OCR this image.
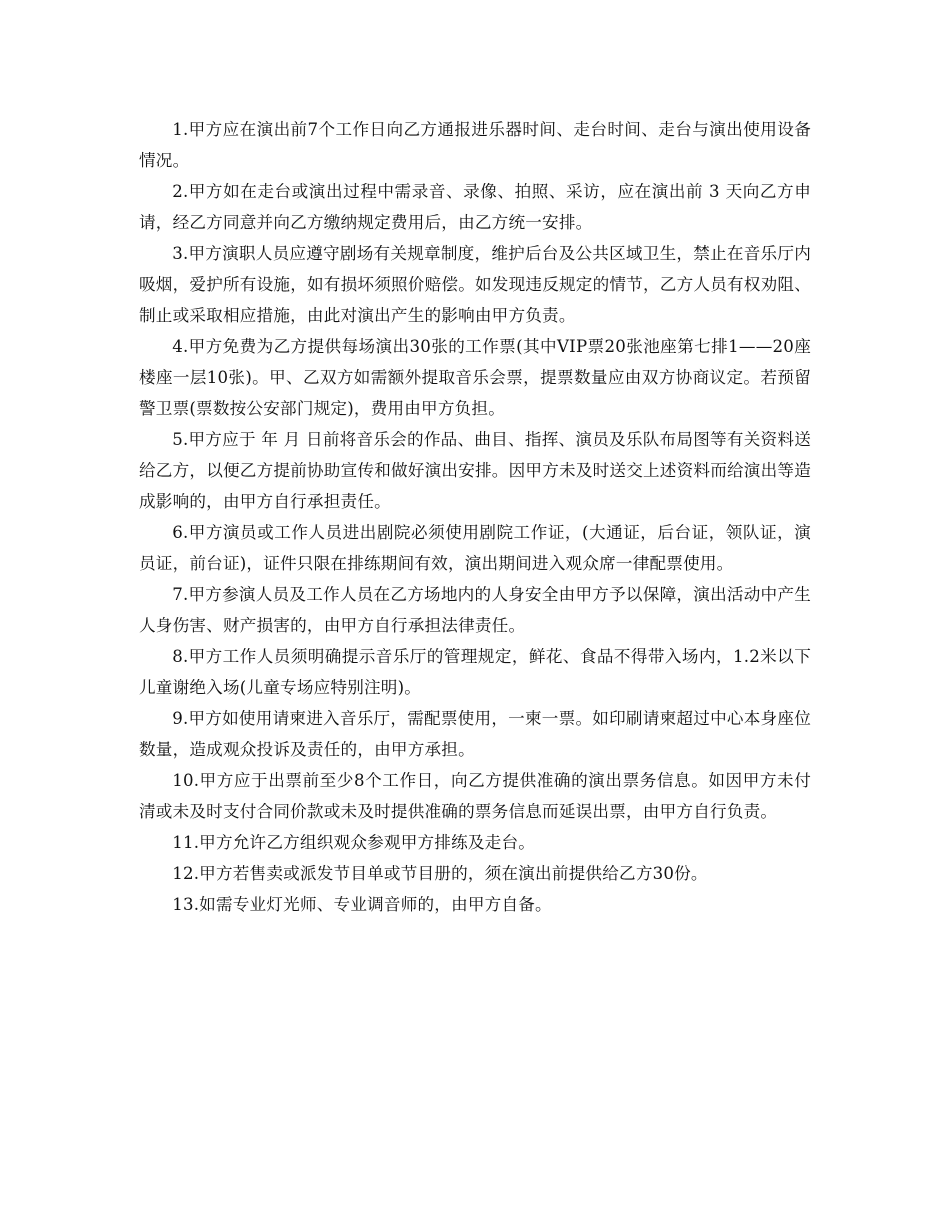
1.甲方应在演出前7个工作日向乙方通报进乐器时间、走台时间、走台与演出使用设备情况。

2.甲方如在走台或演出过程中需录音、录像、拍照、采访，应在演出前 3 天向乙方申请，经乙方同意并向乙方缴纳规定费用后，由乙方统一安排。

3.甲方演职人员应遵守剧场有关规章制度，维护后台及公共区域卫生，禁止在音乐厅内吸烟，爱护所有设施，如有损坏须照价赔偿。如发现违反规定的情节，乙方人员有权劝阻、制止或采取相应措施，由此对演出产生的影响由甲方负责。

4.甲方免费为乙方提供每场演出30张的工作票(其中VIP票20张池座第七排1——20座 楼座一层10张)。甲、乙双方如需额外提取音乐会票，提票数量应由双方协商议定。若预留警卫票(票数按公安部门规定)，费用由甲方负担。

5.甲方应于 年 月 日前将音乐会的作品、曲目、指挥、演员及乐队布局图等有关资料送给乙方，以便乙方提前协助宣传和做好演出安排。因甲方未及时送交上述资料而给演出等造成影响的，由甲方自行承担责任。

6.甲方演员或工作人员进出剧院必须使用剧院工作证，(大通证，后台证，领队证，演员证，前台证)，证件只限在排练期间有效，演出期间进入观众席一律配票使用。

7.甲方参演人员及工作人员在乙方场地内的人身安全由甲方予以保障，演出活动中产生人身伤害、财产损害的，由甲方自行承担法律责任。

8.甲方工作人员须明确提示音乐厅的管理规定，鲜花、食品不得带入场内，1.2米以下儿童谢绝入场(儿童专场应特别注明)。

9.甲方如使用请柬进入音乐厅，需配票使用，一柬一票。如印刷请柬超过中心本身座位数量，造成观众投诉及责任的，由甲方承担。

10.甲方应于出票前至少8个工作日，向乙方提供准确的演出票务信息。如因甲方未付清或未及时支付合同价款或未及时提供准确的票务信息而延误出票，由甲方自行负责。

11.甲方允许乙方组织观众参观甲方排练及走台。

12.甲方若售卖或派发节目单或节目册的，须在演出前提供给乙方30份。

13.如需专业灯光师、专业调音师的，由甲方自备。
